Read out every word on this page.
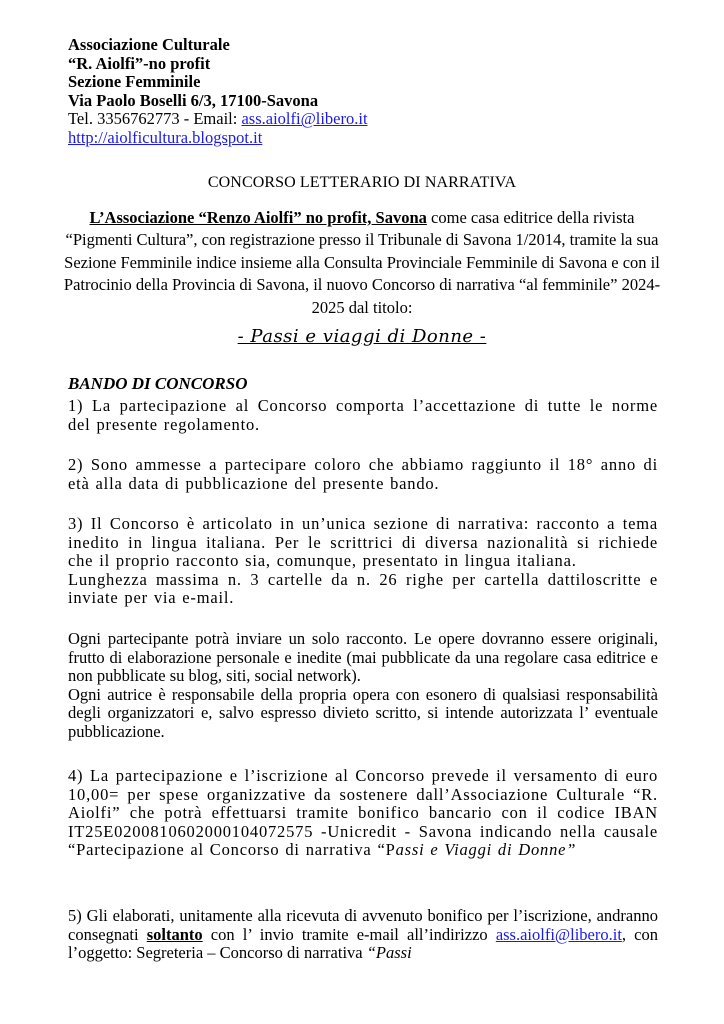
Associazione Culturale
“R. Aiolfi”-no profit
Sezione Femminile
Via Paolo Boselli 6/3, 17100-Savona
Tel. 3356762773 - Email: ass.aiolfi@libero.it
http://aiolficultura.blogspot.it
CONCORSO LETTERARIO DI NARRATIVA
L’Associazione “Renzo Aiolfi” no profit, Savona come casa editrice della rivista “Pigmenti Cultura”, con registrazione presso il Tribunale di Savona 1/2014, tramite la sua Sezione Femminile indice insieme alla Consulta Provinciale Femminile di Savona e con il Patrocinio della Provincia di Savona, il nuovo Concorso di narrativa “al femminile” 2024-2025 dal titolo:
- Passi e viaggi di Donne -
BANDO DI CONCORSO

1) La partecipazione al Concorso comporta l’accettazione di tutte le norme del presente regolamento.

2) Sono ammesse a partecipare coloro che abbiamo raggiunto il 18° anno di età alla data di pubblicazione del presente bando.

3) Il Concorso è articolato in un’unica sezione di narrativa: racconto a tema inedito in lingua italiana. Per le scrittrici di diversa nazionalità si richiede che il proprio racconto sia, comunque, presentato in lingua italiana.

Lunghezza massima n. 3 cartelle da n. 26 righe per cartella dattiloscritte e inviate per via e-mail.

Ogni partecipante potrà inviare un solo racconto. Le opere dovranno essere originali, frutto di elaborazione personale e inedite (mai pubblicate da una regolare casa editrice e non pubblicate su blog, siti, social network).

Ogni autrice è responsabile della propria opera con esonero di qualsiasi responsabilità degli organizzatori e, salvo espresso divieto scritto, si intende autorizzata l’ eventuale pubblicazione.

4) La partecipazione e l’iscrizione al Concorso prevede il versamento di euro 10,00= per spese organizzative da sostenere dall’Associazione Culturale “R. Aiolfi” che potrà effettuarsi tramite bonifico bancario con il codice IBAN IT25E0200810602000104072575 -Unicredit - Savona indicando nella causale “Partecipazione al Concorso di narrativa “Passi e Viaggi di Donne”

5) Gli elaborati, unitamente alla ricevuta di avvenuto bonifico per l’iscrizione, andranno consegnati soltanto con l’ invio tramite e-mail all’indirizzo ass.aiolfi@libero.it, con l’oggetto: Segreteria – Concorso di narrativa “Passi
